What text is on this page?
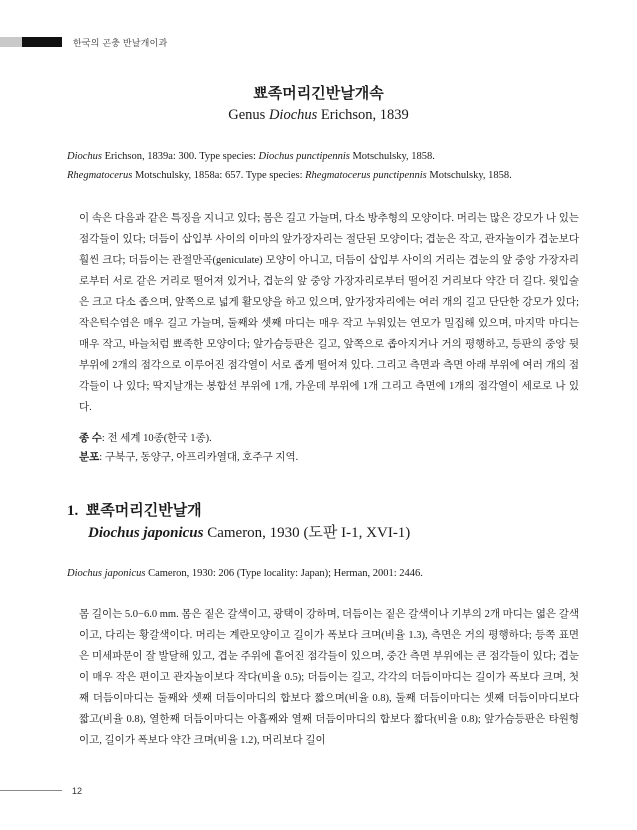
한국의 곤충 반날개이과
뾰족머리긴반날개속
Genus Diochus Erichson, 1839
Diochus Erichson, 1839a: 300. Type species: Diochus punctipennis Motschulsky, 1858.
Rhegmatocerus Motschulsky, 1858a: 657. Type species: Rhegmatocerus punctipennis Motschulsky, 1858.

이 속은 다음과 같은 특징을 지니고 있다; 몸은 길고 가늘며, 다소 방추형의 모양이다. 머리는 많은 강모가 나 있는 점각들이 있다; 더듬이 삽입부 사이의 이마의 앞가장자리는 절단된 모양이다; 겹눈은 작고, 관자놀이가 겹눈보다 훨씬 크다; 더듬이는 관절만곡(geniculate) 모양이 아니고, 더듬이 삽입부 사이의 거리는 겹눈의 앞 중앙 가장자리로부터 서로 같은 거리로 떨어져 있거나, 겹눈의 앞 중앙 가장자리로부터 떨어진 거리보다 약간 더 길다. 윗입술은 크고 다소 좁으며, 앞쪽으로 넓게 활모양을 하고 있으며, 앞가장자리에는 여러 개의 길고 단단한 강모가 있다; 작은턱수염은 매우 길고 가늘며, 둘째와 셋째 마디는 매우 작고 누워있는 연모가 밀집해 있으며, 마지막 마디는 매우 작고, 바늘처럼 뾰족한 모양이다; 앞가슴등판은 길고, 앞쪽으로 좁아지거나 거의 평행하고, 등판의 중앙 뒷 부위에 2개의 점각으로 이루어진 점각열이 서로 좁게 떨어져 있다. 그리고 측면과 측면 아래 부위에 여러 개의 점각들이 나 있다; 딱지날개는 봉합선 부위에 1개, 가운데 부위에 1개 그리고 측면에 1개의 점각열이 세로로 나 있다.

종 수: 전 세계 10종(한국 1종).
분포: 구북구, 동양구, 아프리카열대, 호주구 지역.
1. 뾰족머리긴반날개
Diochus japonicus Cameron, 1930 (도판 I-1, XVI-1)
Diochus japonicus Cameron, 1930: 206 (Type locality: Japan); Herman, 2001: 2446.

몸 길이는 5.0−6.0 mm. 몸은 짙은 갈색이고, 광택이 강하며, 더듬이는 짙은 갈색이나 기부의 2개 마디는 엷은 갈색이고, 다리는 황갈색이다. 머리는 계란모양이고 길이가 폭보다 크며(비율 1.3), 측면은 거의 평행하다; 등쪽 표면은 미세파문이 잘 발달해 있고, 겹눈 주위에 흩어진 점각들이 있으며, 중간 측면 부위에는 큰 점각들이 있다; 겹눈이 매우 작은 편이고 관자놀이보다 작다(비율 0.5); 더듬이는 길고, 각각의 더듬이마디는 길이가 폭보다 크며, 첫째 더듬이마디는 둘째와 셋째 더듬이마디의 합보다 짧으며(비율 0.8), 둘째 더듬이마디는 셋째 더듬이마디보다 짧고(비율 0.8), 열한째 더듬이마디는 아홉째와 열째 더듬이마디의 합보다 짧다(비율 0.8); 앞가슴등판은 타원형이고, 길이가 폭보다 약간 크며(비율 1.2), 머리보다 길이

12
